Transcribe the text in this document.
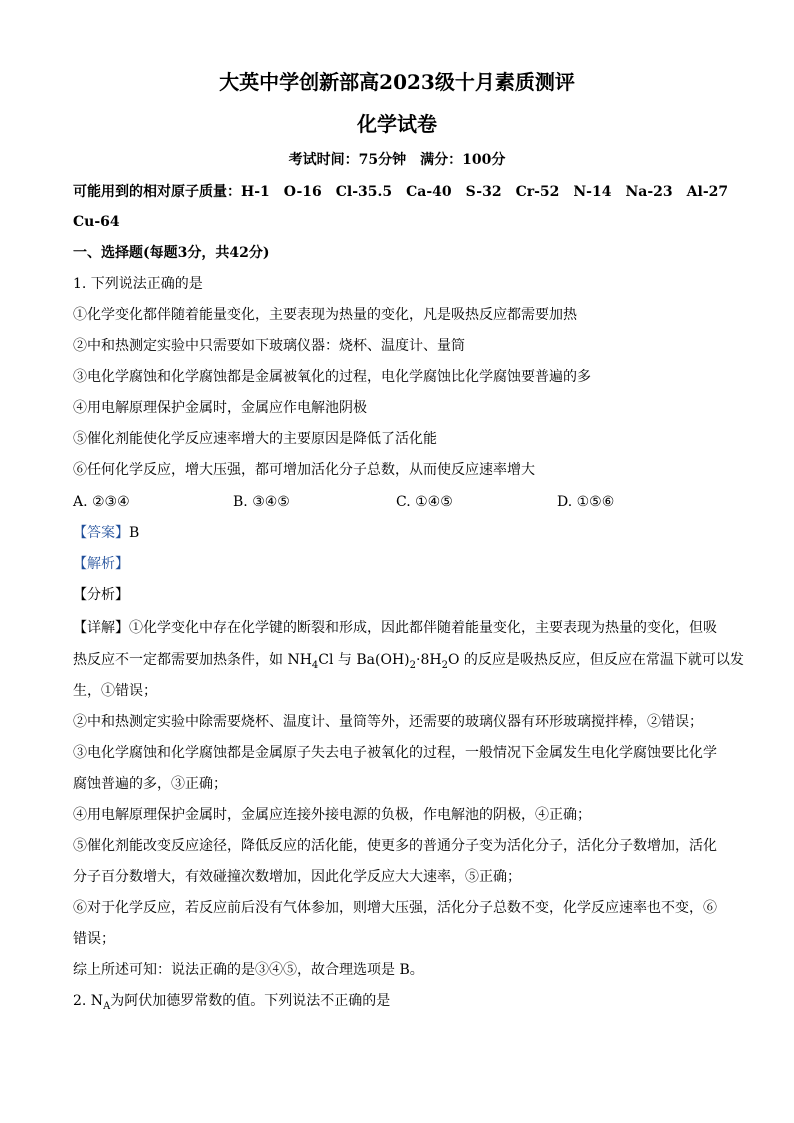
大英中学创新部高2023级十月素质测评
化学试卷
考试时间：75分钟　满分：100分
可能用到的相对原子质量：H-1　O-16　Cl-35.5　Ca-40　S-32　Cr-52　N-14　Na-23　Al-27
Cu-64
一、选择题(每题3分，共42分)
1. 下列说法正确的是
①化学变化都伴随着能量变化，主要表现为热量的变化，凡是吸热反应都需要加热
②中和热测定实验中只需要如下玻璃仪器：烧杯、温度计、量筒
③电化学腐蚀和化学腐蚀都是金属被氧化的过程，电化学腐蚀比化学腐蚀要普遍的多
④用电解原理保护金属时，金属应作电解池阴极
⑤催化剂能使化学反应速率增大的主要原因是降低了活化能
⑥任何化学反应，增大压强，都可增加活化分子总数，从而使反应速率增大
A. ②③④	B. ③④⑤	C. ①④⑤	D. ①⑤⑥
【答案】B
【解析】
【分析】
【详解】①化学变化中存在化学键的断裂和形成，因此都伴随着能量变化，主要表现为热量的变化，但吸
热反应不一定都需要加热条件，如 $NH_4Cl$ 与 $Ba(OH)_2\cdot 8H_2O$ 的反应是吸热反应，但反应在常温下就可以发
生，①错误；
②中和热测定实验中除需要烧杯、温度计、量筒等外，还需要的玻璃仪器有环形玻璃搅拌棒，②错误；
③电化学腐蚀和化学腐蚀都是金属原子失去电子被氧化的过程，一般情况下金属发生电化学腐蚀要比化学
腐蚀普遍的多，③正确；
④用电解原理保护金属时，金属应连接外接电源的负极，作电解池的阴极，④正确；
⑤催化剂能改变反应途径，降低反应的活化能，使更多的普通分子变为活化分子，活化分子数增加，活化
分子百分数增大，有效碰撞次数增加，因此化学反应大大速率，⑤正确；
⑥对于化学反应，若反应前后没有气体参加，则增大压强，活化分子总数不变，化学反应速率也不变，⑥
错误；
综上所述可知：说法正确的是③④⑤，故合理选项是 B。
2. $N_A$为阿伏加德罗常数的值。下列说法不正确的是
